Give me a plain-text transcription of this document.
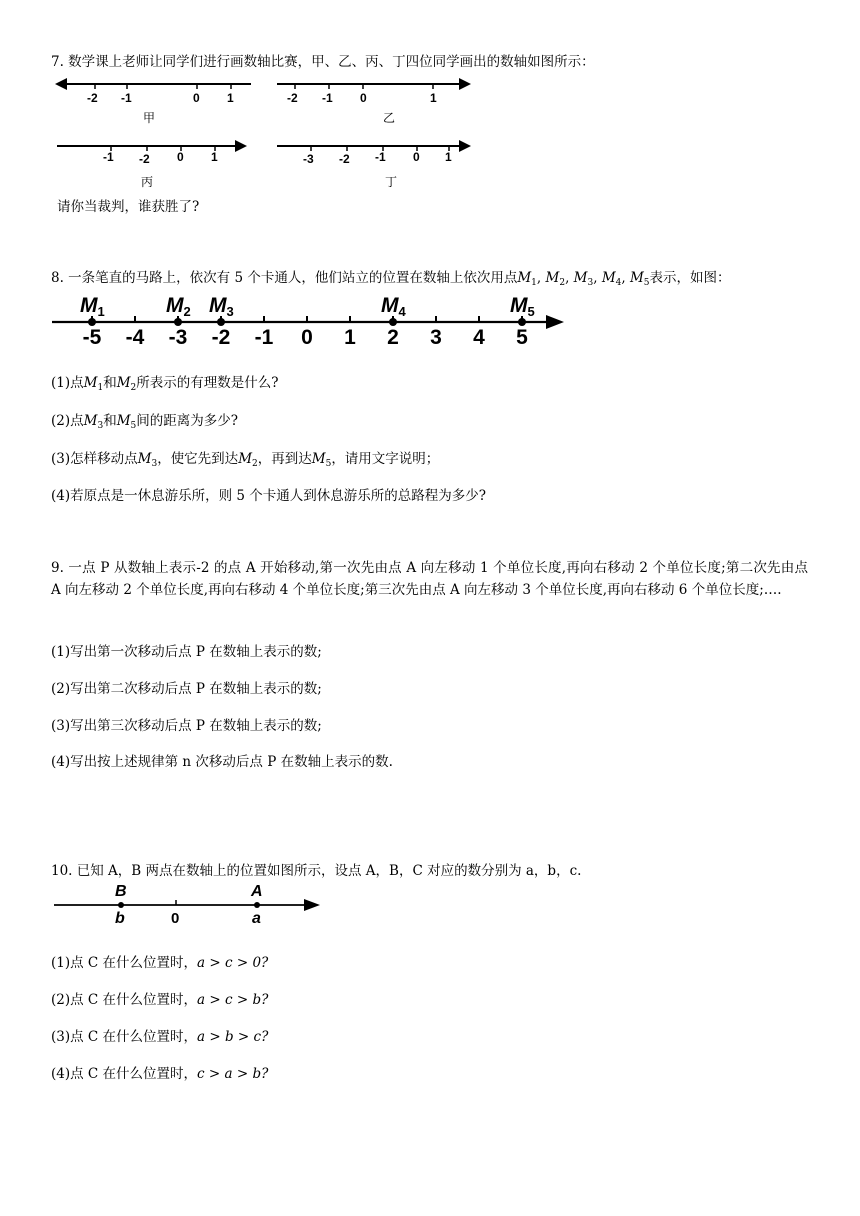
7. 数学课上老师让同学们进行画数轴比赛，甲、乙、丙、丁四位同学画出的数轴如图所示：
-2 -1	0 1
甲
-2 -1 0	1
乙
-1 -2 0 1
丙
-3 -2 -1 0 1
丁
请你当裁判，谁获胜了?
8. 一条笔直的马路上，依次有 5 个卡通人，他们站立的位置在数轴上依次用点$M_1$, $M_2$, $M_3$, $M_4$, $M_5$表示，如图：
-5 -4 -3 -2 -1 0 1 2 3 4 5
M1	M2 M3	M4	M5
(1)点$M_1$和$M_2$所表示的有理数是什么?
(2)点$M_3$和$M_5$间的距离为多少?
(3)怎样移动点$M_3$，使它先到达$M_2$，再到达$M_5$，请用文字说明；
(4)若原点是一休息游乐所，则 5 个卡通人到休息游乐所的总路程为多少?
9. 一点 P 从数轴上表示-2 的点 A 开始移动,第一次先由点 A 向左移动 1 个单位长度,再向右移动 2 个单位长度;第二次先由点 A 向左移动 2 个单位长度,再向右移动 4 个单位长度;第三次先由点 A 向左移动 3 个单位长度,再向右移动 6 个单位长度;….
(1)写出第一次移动后点 P 在数轴上表示的数;
(2)写出第二次移动后点 P 在数轴上表示的数;
(3)写出第三次移动后点 P 在数轴上表示的数;
(4)写出按上述规律第 n 次移动后点 P 在数轴上表示的数.
10. 已知 A，B 两点在数轴上的位置如图所示，设点 A，B，C 对应的数分别为 a，b，c.
B
b	0
A
a
(1)点 C 在什么位置时，a > c > 0?
(2)点 C 在什么位置时，a > c > b?
(3)点 C 在什么位置时，a > b > c?
(4)点 C 在什么位置时，c > a > b?
